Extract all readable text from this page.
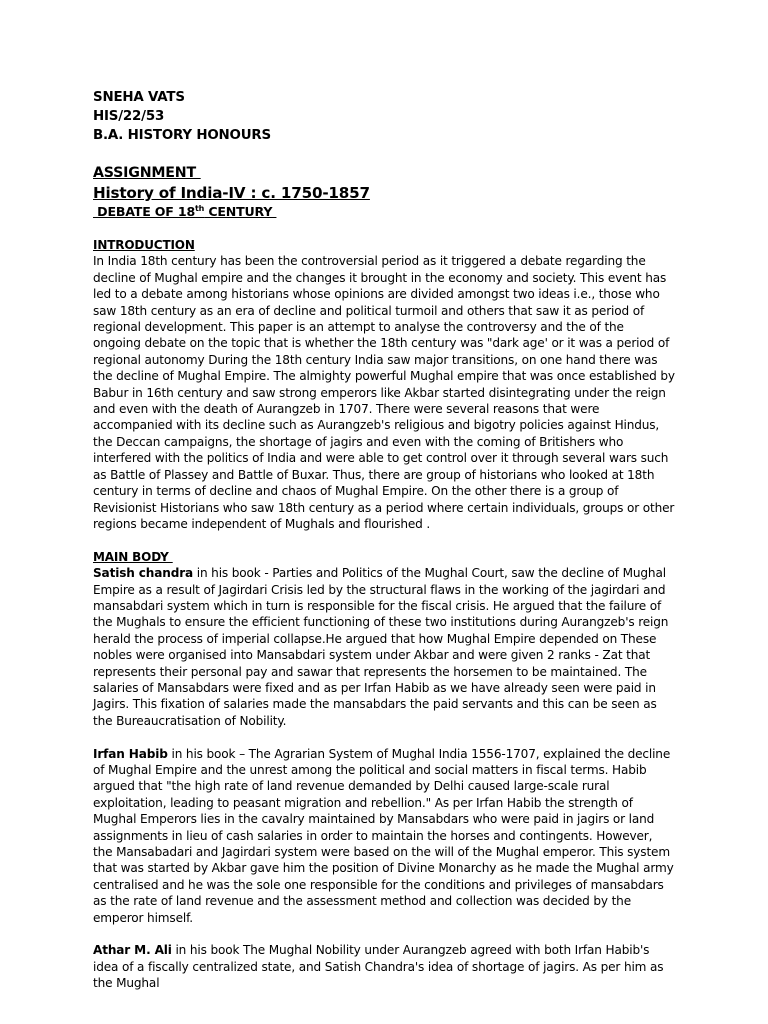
SNEHA VATS
HIS/22/53
B.A. HISTORY HONOURS
ASSIGNMENT
History of India-IV : c. 1750-1857
DEBATE OF 18th CENTURY
INTRODUCTION

In India 18th century has been the controversial period as it triggered a debate regarding the decline of Mughal empire and the changes it brought in the economy and society. This event has led to a debate among historians whose opinions are divided amongst two ideas i.e., those who saw 18th century as an era of decline and political turmoil and others that saw it as period of regional development. This paper is an attempt to analyse the controversy and the of the ongoing debate on the topic that is whether the 18th century was "dark age' or it was a period of regional autonomy During the 18th century India saw major transitions, on one hand there was the decline of Mughal Empire. The almighty powerful Mughal empire that was once established by Babur in 16th century and saw strong emperors like Akbar started disintegrating under the reign and even with the death of Aurangzeb in 1707. There were several reasons that were accompanied with its decline such as Aurangzeb's religious and bigotry policies against Hindus, the Deccan campaigns, the shortage of jagirs and even with the coming of Britishers who interfered with the politics of India and were able to get control over it through several wars such as Battle of Plassey and Battle of Buxar. Thus, there are group of historians who looked at 18th century in terms of decline and chaos of Mughal Empire. On the other there is a group of Revisionist Historians who saw 18th century as a period where certain individuals, groups or other regions became independent of Mughals and flourished .

MAIN BODY

Satish chandra in his book - Parties and Politics of the Mughal Court, saw the decline of Mughal Empire as a result of Jagirdari Crisis led by the structural flaws in the working of the jagirdari and mansabdari system which in turn is responsible for the fiscal crisis. He argued that the failure of the Mughals to ensure the efficient functioning of these two institutions during Aurangzeb's reign herald the process of imperial collapse.He argued that how Mughal Empire depended on These nobles were organised into Mansabdari system under Akbar and were given 2 ranks - Zat that represents their personal pay and sawar that represents the horsemen to be maintained. The salaries of Mansabdars were fixed and as per Irfan Habib as we have already seen were paid in Jagirs. This fixation of salaries made the mansabdars the paid servants and this can be seen as the Bureaucratisation of Nobility.

Irfan Habib in his book – The Agrarian System of Mughal India 1556-1707, explained the decline of Mughal Empire and the unrest among the political and social matters in fiscal terms. Habib argued that "the high rate of land revenue demanded by Delhi caused large-scale rural exploitation, leading to peasant migration and rebellion." As per Irfan Habib the strength of Mughal Emperors lies in the cavalry maintained by Mansabdars who were paid in jagirs or land assignments in lieu of cash salaries in order to maintain the horses and contingents. However, the Mansabadari and Jagirdari system were based on the will of the Mughal emperor. This system that was started by Akbar gave him the position of Divine Monarchy as he made the Mughal army centralised and he was the sole one responsible for the conditions and privileges of mansabdars as the rate of land revenue and the assessment method and collection was decided by the emperor himself.

Athar M. Ali in his book The Mughal Nobility under Aurangzeb agreed with both Irfan Habib's idea of a fiscally centralized state, and Satish Chandra's idea of shortage of jagirs. As per him as the Mughal
